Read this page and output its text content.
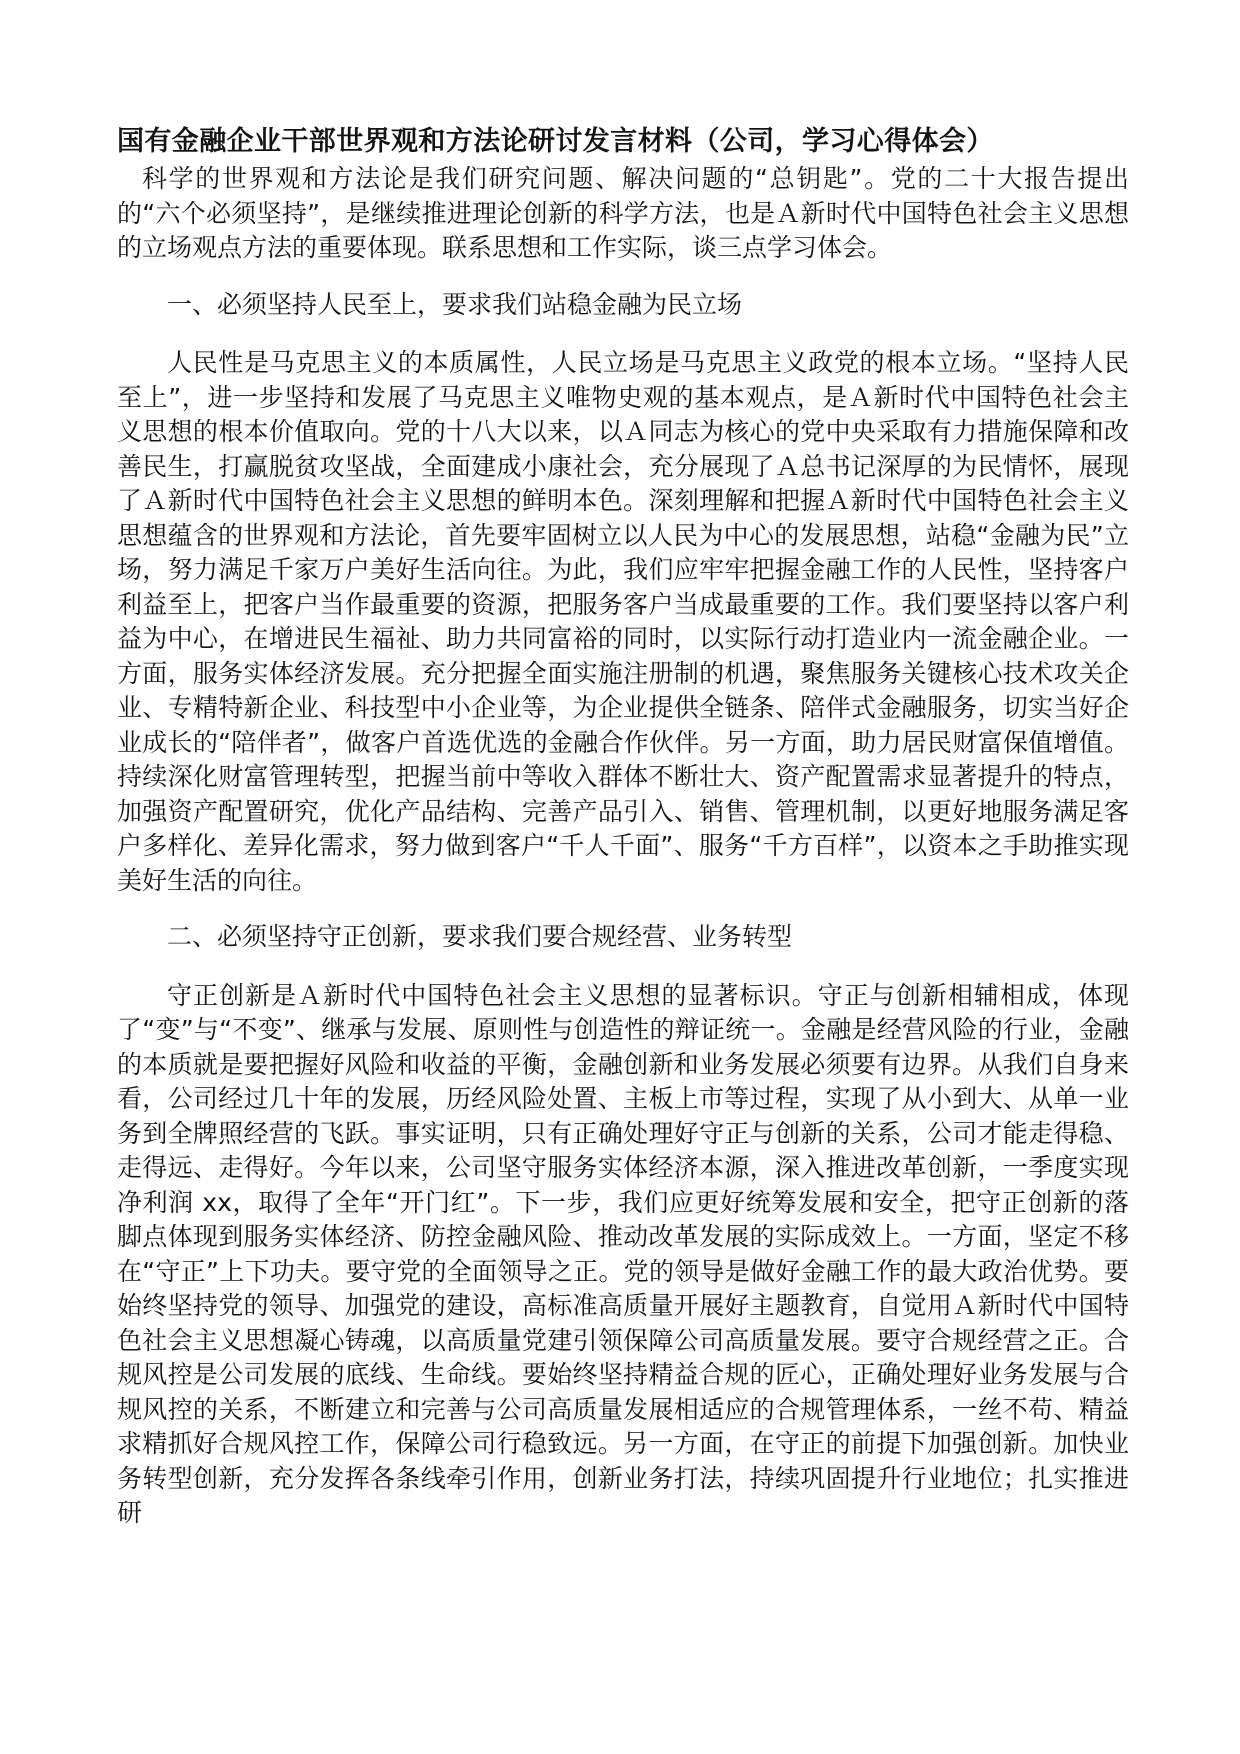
国有金融企业干部世界观和方法论研讨发言材料（公司，学习心得体会）

科学的世界观和方法论是我们研究问题、解决问题的“总钥匙”。党的二十大报告提出的“六个必须坚持”，是继续推进理论创新的科学方法，也是Ａ新时代中国特色社会主义思想的立场观点方法的重要体现。联系思想和工作实际，谈三点学习体会。

一、必须坚持人民至上，要求我们站稳金融为民立场

人民性是马克思主义的本质属性，人民立场是马克思主义政党的根本立场。“坚持人民至上”，进一步坚持和发展了马克思主义唯物史观的基本观点，是Ａ新时代中国特色社会主义思想的根本价值取向。党的十八大以来，以Ａ同志为核心的党中央采取有力措施保障和改善民生，打赢脱贫攻坚战，全面建成小康社会，充分展现了Ａ总书记深厚的为民情怀，展现了Ａ新时代中国特色社会主义思想的鲜明本色。深刻理解和把握Ａ新时代中国特色社会主义思想蕴含的世界观和方法论，首先要牢固树立以人民为中心的发展思想，站稳“金融为民”立场，努力满足千家万户美好生活向往。为此，我们应牢牢把握金融工作的人民性，坚持客户利益至上，把客户当作最重要的资源，把服务客户当成最重要的工作。我们要坚持以客户利益为中心，在增进民生福祉、助力共同富裕的同时，以实际行动打造业内一流金融企业。一方面，服务实体经济发展。充分把握全面实施注册制的机遇，聚焦服务关键核心技术攻关企业、专精特新企业、科技型中小企业等，为企业提供全链条、陪伴式金融服务，切实当好企业成长的“陪伴者”，做客户首选优选的金融合作伙伴。另一方面，助力居民财富保值增值。持续深化财富管理转型，把握当前中等收入群体不断壮大、资产配置需求显著提升的特点，加强资产配置研究，优化产品结构、完善产品引入、销售、管理机制，以更好地服务满足客户多样化、差异化需求，努力做到客户“千人千面”、服务“千方百样”，以资本之手助推实现美好生活的向往。

二、必须坚持守正创新，要求我们要合规经营、业务转型

守正创新是Ａ新时代中国特色社会主义思想的显著标识。守正与创新相辅相成，体现了“变”与“不变”、继承与发展、原则性与创造性的辩证统一。金融是经营风险的行业，金融的本质就是要把握好风险和收益的平衡，金融创新和业务发展必须要有边界。从我们自身来看，公司经过几十年的发展，历经风险处置、主板上市等过程，实现了从小到大、从单一业务到全牌照经营的飞跃。事实证明，只有正确处理好守正与创新的关系，公司才能走得稳、走得远、走得好。今年以来，公司坚守服务实体经济本源，深入推进改革创新，一季度实现净利润 xx，取得了全年“开门红”。下一步，我们应更好统筹发展和安全，把守正创新的落脚点体现到服务实体经济、防控金融风险、推动改革发展的实际成效上。一方面，坚定不移在“守正”上下功夫。要守党的全面领导之正。党的领导是做好金融工作的最大政治优势。要始终坚持党的领导、加强党的建设，高标准高质量开展好主题教育，自觉用Ａ新时代中国特色社会主义思想凝心铸魂，以高质量党建引领保障公司高质量发展。要守合规经营之正。合规风控是公司发展的底线、生命线。要始终坚持精益合规的匠心，正确处理好业务发展与合规风控的关系，不断建立和完善与公司高质量发展相适应的合规管理体系，一丝不苟、精益求精抓好合规风控工作，保障公司行稳致远。另一方面，在守正的前提下加强创新。加快业务转型创新，充分发挥各条线牵引作用，创新业务打法，持续巩固提升行业地位；扎实推进研
